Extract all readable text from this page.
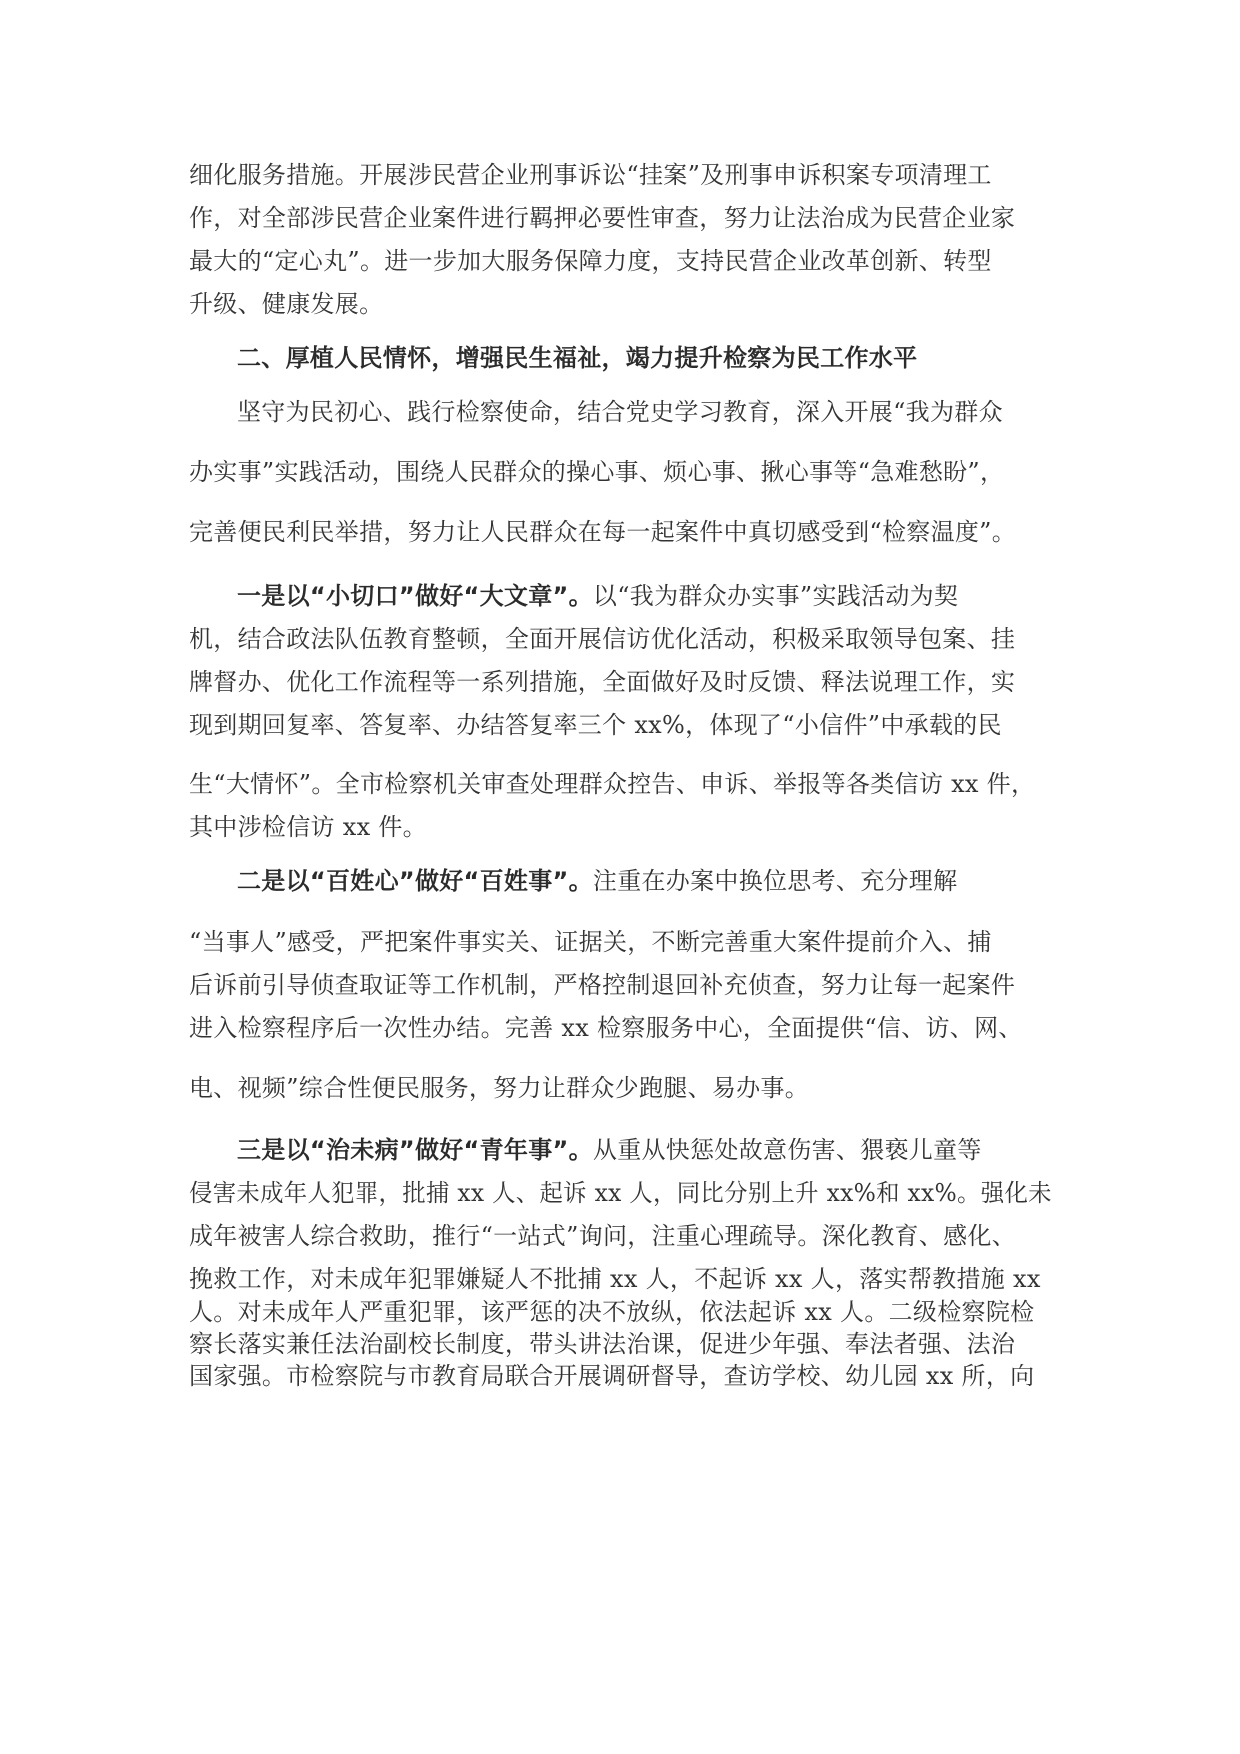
细化服务措施。开展涉民营企业刑事诉讼“挂案”及刑事申诉积案专项清理工
作，对全部涉民营企业案件进行羁押必要性审查，努力让法治成为民营企业家
最大的“定心丸”。进一步加大服务保障力度，支持民营企业改革创新、转型
升级、健康发展。
二、厚植人民情怀，增强民生福祉，竭力提升检察为民工作水平
坚守为民初心、践行检察使命，结合党史学习教育，深入开展“我为群众
办实事”实践活动，围绕人民群众的操心事、烦心事、揪心事等“急难愁盼”，
完善便民利民举措，努力让人民群众在每一起案件中真切感受到“检察温度”。
一是以“小切口”做好“大文章”。以“我为群众办实事”实践活动为契
机，结合政法队伍教育整顿，全面开展信访优化活动，积极采取领导包案、挂
牌督办、优化工作流程等一系列措施，全面做好及时反馈、释法说理工作，实
现到期回复率、答复率、办结答复率三个 xx%，体现了“小信件”中承载的民
生“大情怀”。全市检察机关审查处理群众控告、申诉、举报等各类信访 xx 件，
其中涉检信访 xx 件。
二是以“百姓心”做好“百姓事”。注重在办案中换位思考、充分理解
“当事人”感受，严把案件事实关、证据关，不断完善重大案件提前介入、捕
后诉前引导侦查取证等工作机制，严格控制退回补充侦查，努力让每一起案件
进入检察程序后一次性办结。完善 xx 检察服务中心，全面提供“信、访、网、
电、视频”综合性便民服务，努力让群众少跑腿、易办事。
三是以“治未病”做好“青年事”。从重从快惩处故意伤害、猥亵儿童等
侵害未成年人犯罪，批捕 xx 人、起诉 xx 人，同比分别上升 xx%和 xx%。强化未
成年被害人综合救助，推行“一站式”询问，注重心理疏导。深化教育、感化、
挽救工作，对未成年犯罪嫌疑人不批捕 xx 人，不起诉 xx 人，落实帮教措施 xx
人。对未成年人严重犯罪，该严惩的决不放纵，依法起诉 xx 人。二级检察院检
察长落实兼任法治副校长制度，带头讲法治课，促进少年强、奉法者强、法治
国家强。市检察院与市教育局联合开展调研督导，查访学校、幼儿园 xx 所，向
